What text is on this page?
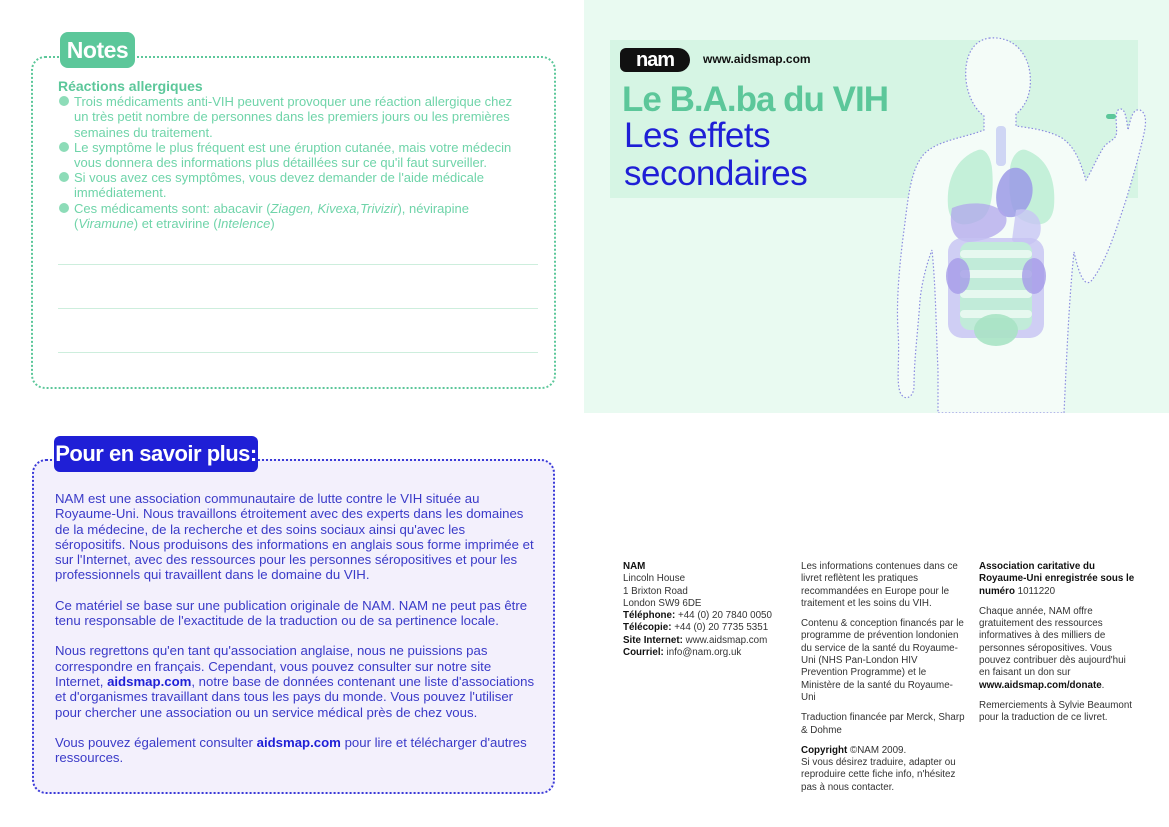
Notes
Réactions allergiques
Trois médicaments anti-VIH peuvent provoquer une réaction allergique chez un très petit nombre de personnes dans les premiers jours ou les premières semaines du traitement.
Le symptôme le plus fréquent est une éruption cutanée, mais votre médecin vous donnera des informations plus détaillées sur ce qu'il faut surveiller.
Si vous avez ces symptômes, vous devez demander de l'aide médicale immédiatement.
Ces médicaments sont: abacavir (Ziagen, Kivexa,Trivizir), névirapine (Viramune) et etravirine (Intelence)
Pour en savoir plus:

NAM est une association communautaire de lutte contre le VIH située au Royaume-Uni. Nous travaillons étroitement avec des experts dans les domaines de la médecine, de la recherche et des soins sociaux ainsi qu'avec les séropositifs. Nous produisons des informations en anglais sous forme imprimée et sur l'Internet, avec des ressources pour les personnes séropositives et pour les professionnels qui travaillent dans le domaine du VIH.

Ce matériel se base sur une publication originale de NAM. NAM ne peut pas être tenu responsable de l'exactitude de la traduction ou de sa pertinence locale.

Nous regrettons qu'en tant qu'association anglaise, nous ne puissions pas correspondre en français. Cependant, vous pouvez consulter sur notre site Internet, aidsmap.com, notre base de données contenant une liste d'associations et d'organismes travaillant dans tous les pays du monde. Vous pouvez l'utiliser pour chercher une association ou un service médical près de chez vous.

Vous pouvez également consulter aidsmap.com pour lire et télécharger d'autres ressources.

nam	www.aidsmap.com
Le B.A.ba du VIH
Les effets
secondaires
NAM
Lincoln House
1 Brixton Road
London SW9 6DE
Téléphone: +44 (0) 20 7840 0050
Télécopie: +44 (0) 20 7735 5351
Site Internet: www.aidsmap.com
Courriel: info@nam.org.uk

Les informations contenues dans ce livret reflètent les pratiques recommandées en Europe pour le traitement et les soins du VIH.

Contenu & conception financés par le programme de prévention londonien du service de la santé du Royaume-Uni (NHS Pan-London HIV Prevention Programme) et le Ministère de la santé du Royaume-Uni

Traduction financée par Merck, Sharp & Dohme

Copyright ©NAM 2009.
Si vous désirez traduire, adapter ou reproduire cette fiche info, n'hésitez pas à nous contacter.

Association caritative du Royaume-Uni enregistrée sous le numéro 1011220

Chaque année, NAM offre gratuitement des ressources informatives à des milliers de personnes séropositives. Vous pouvez contribuer dès aujourd'hui en faisant un don sur www.aidsmap.com/donate.

Remerciements à Sylvie Beaumont pour la traduction de ce livret.
